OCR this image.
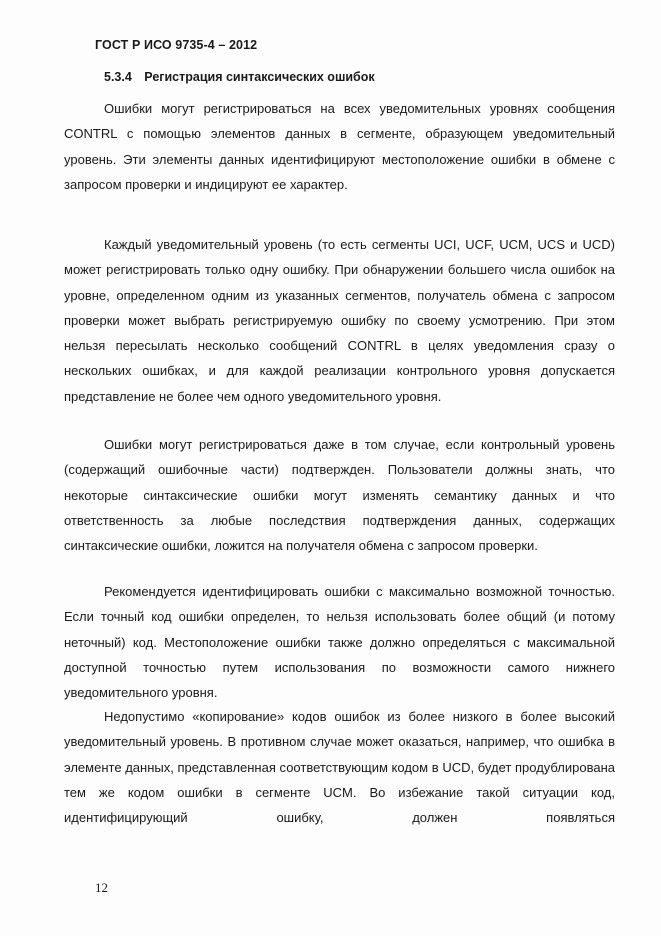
ГОСТ Р ИСО 9735-4 – 2012
5.3.4 Регистрация синтаксических ошибок

Ошибки могут регистрироваться на всех уведомительных уровнях сообщения CONTRL с помощью элементов данных в сегменте, образующем уведомительный уровень. Эти элементы данных идентифицируют местоположение ошибки в обмене с запросом проверки и индицируют ее характер.

Каждый уведомительный уровень (то есть сегменты UCI, UCF, UCM, UCS и UCD) может регистрировать только одну ошибку. При обнаружении большего числа ошибок на уровне, определенном одним из указанных сегментов, получатель обмена с запросом проверки может выбрать регистрируемую ошибку по своему усмотрению. При этом нельзя пересылать несколько сообщений CONTRL в целях уведомления сразу о нескольких ошибках, и для каждой реализации контрольного уровня допускается представление не более чем одного уведомительного уровня.

Ошибки могут регистрироваться даже в том случае, если контрольный уровень (содержащий ошибочные части) подтвержден. Пользователи должны знать, что некоторые синтаксические ошибки могут изменять семантику данных и что ответственность за любые последствия подтверждения данных, содержащих синтаксические ошибки, ложится на получателя обмена с запросом проверки.

Рекомендуется идентифицировать ошибки с максимально возможной точностью. Если точный код ошибки определен, то нельзя использовать более общий (и потому неточный) код. Местоположение ошибки также должно определяться с максимальной доступной точностью путем использования по возможности самого нижнего уведомительного уровня.

Недопустимо «копирование» кодов ошибок из более низкого в более высокий уведомительный уровень. В противном случае может оказаться, например, что ошибка в элементе данных, представленная соответствующим кодом в UCD, будет продублирована тем же кодом ошибки в сегменте UCM. Во избежание такой ситуации код, идентифицирующий ошибку, должен появляться

12
